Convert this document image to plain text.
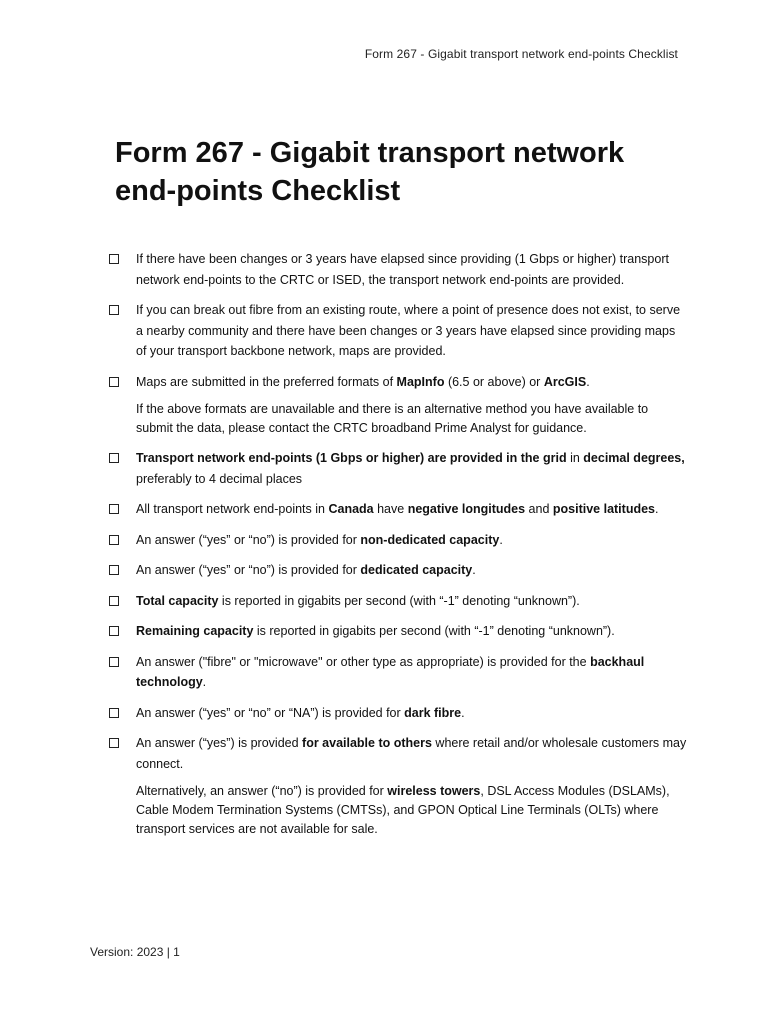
Form 267 - Gigabit transport network end-points Checklist
Form 267 - Gigabit transport network end-points Checklist
If there have been changes or 3 years have elapsed since providing (1 Gbps or higher) transport network end-points to the CRTC or ISED, the transport network end-points are provided.
If you can break out fibre from an existing route, where a point of presence does not exist, to serve a nearby community and there have been changes or 3 years have elapsed since providing maps of your transport backbone network, maps are provided.
Maps are submitted in the preferred formats of MapInfo (6.5 or above) or ArcGIS.
If the above formats are unavailable and there is an alternative method you have available to submit the data, please contact the CRTC broadband Prime Analyst for guidance.
Transport network end-points (1 Gbps or higher) are provided in the grid in decimal degrees, preferably to 4 decimal places
All transport network end-points in Canada have negative longitudes and positive latitudes.
An answer (“yes” or “no”) is provided for non-dedicated capacity.
An answer (“yes” or “no”) is provided for dedicated capacity.
Total capacity is reported in gigabits per second (with “-1” denoting “unknown”).
Remaining capacity is reported in gigabits per second (with “-1” denoting “unknown”).
An answer ("fibre" or "microwave" or other type as appropriate) is provided for the backhaul technology.
An answer (“yes” or “no” or “NA”) is provided for dark fibre.
An answer (“yes”) is provided for available to others where retail and/or wholesale customers may connect.
Alternatively, an answer (“no”) is provided for wireless towers, DSL Access Modules (DSLAMs), Cable Modem Termination Systems (CMTSs), and GPON Optical Line Terminals (OLTs) where transport services are not available for sale.
Version: 2023 | 1
